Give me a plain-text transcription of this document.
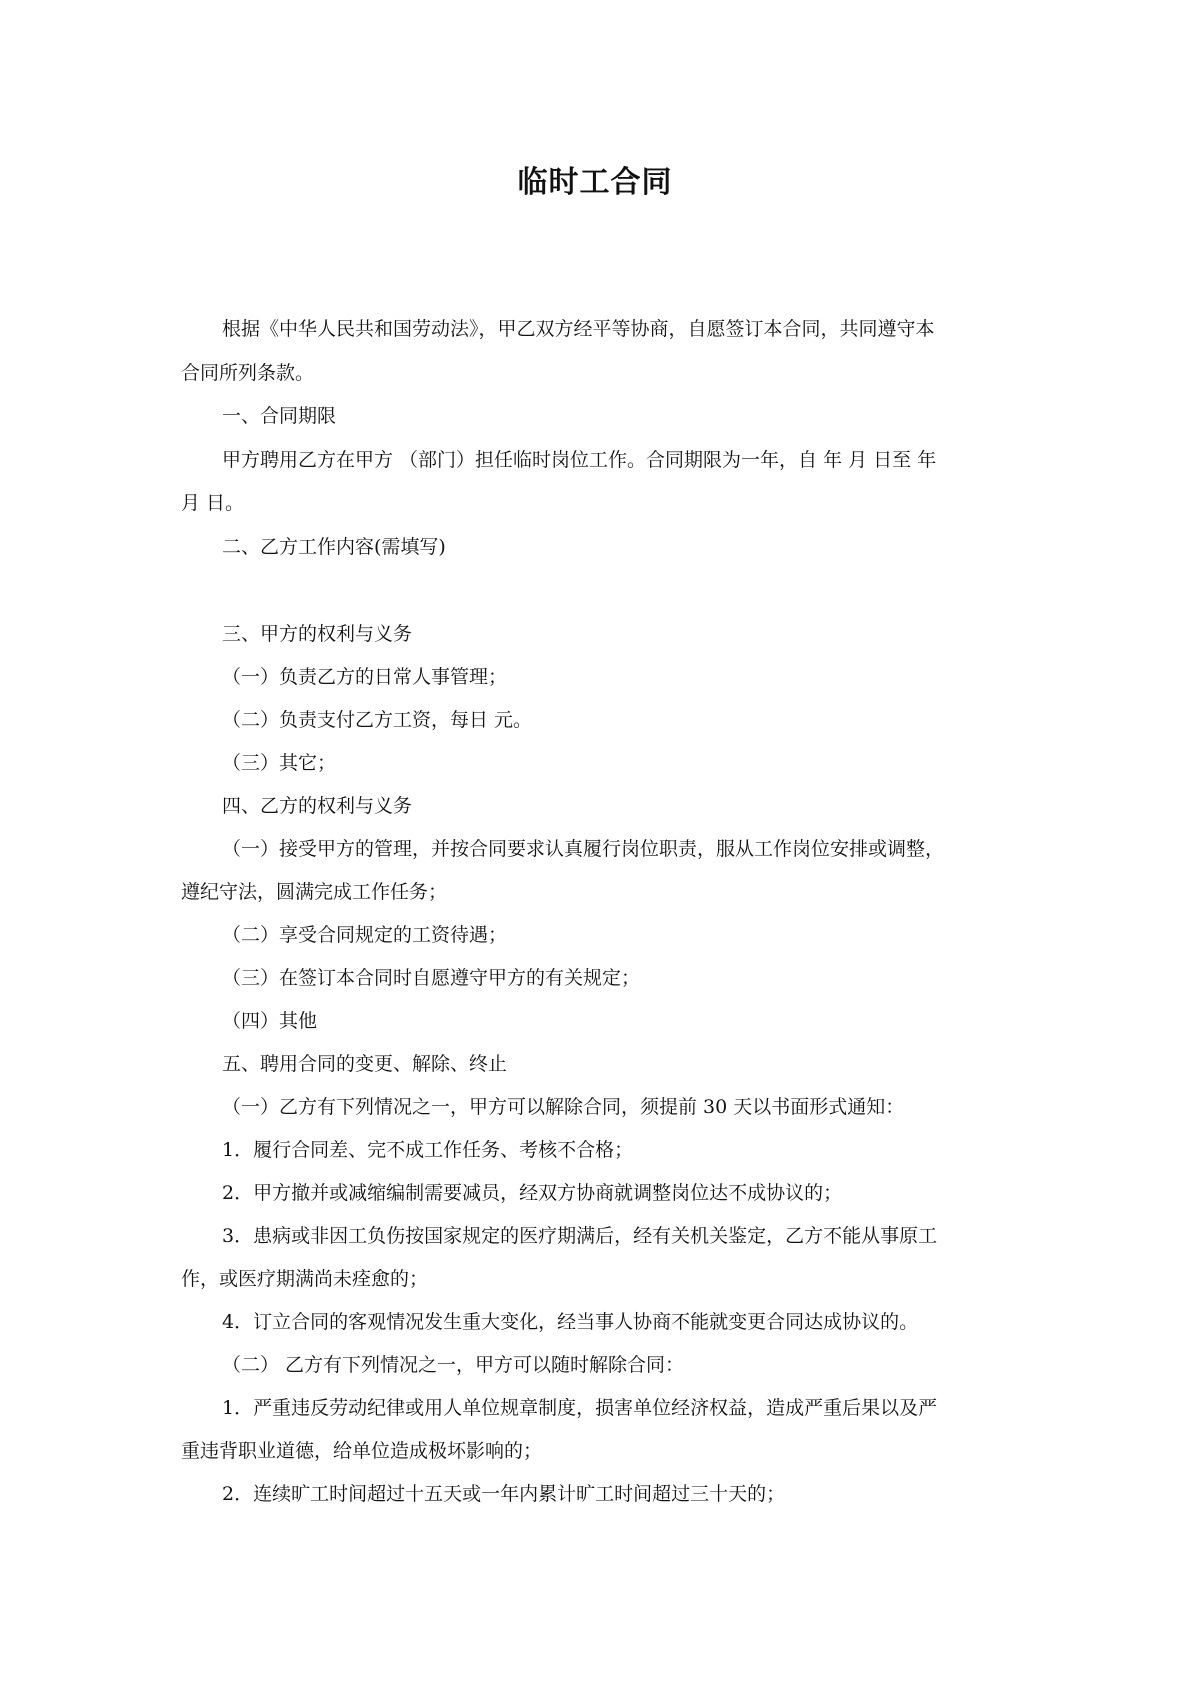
临时工合同
根据《中华人民共和国劳动法》，甲乙双方经平等协商，自愿签订本合同，共同遵守本
合同所列条款。
一、合同期限
甲方聘用乙方在甲方 （部门）担任临时岗位工作。合同期限为一年，自 年 月 日至 年
月 日。
二、乙方工作内容(需填写)
三、甲方的权利与义务
（一）负责乙方的日常人事管理；
（二）负责支付乙方工资，每日 元。
（三）其它；
四、乙方的权利与义务
（一）接受甲方的管理，并按合同要求认真履行岗位职责，服从工作岗位安排或调整，
遵纪守法，圆满完成工作任务；
（二）享受合同规定的工资待遇；
（三）在签订本合同时自愿遵守甲方的有关规定；
（四）其他
五、聘用合同的变更、解除、终止
（一）乙方有下列情况之一，甲方可以解除合同，须提前 30 天以书面形式通知：
1．履行合同差、完不成工作任务、考核不合格；
2．甲方撤并或减缩编制需要减员，经双方协商就调整岗位达不成协议的；
3．患病或非因工负伤按国家规定的医疗期满后，经有关机关鉴定，乙方不能从事原工
作，或医疗期满尚未痊愈的；
4．订立合同的客观情况发生重大变化，经当事人协商不能就变更合同达成协议的。
（二） 乙方有下列情况之一，甲方可以随时解除合同：
1．严重违反劳动纪律或用人单位规章制度，损害单位经济权益，造成严重后果以及严
重违背职业道德，给单位造成极坏影响的；
2．连续旷工时间超过十五天或一年内累计旷工时间超过三十天的；
